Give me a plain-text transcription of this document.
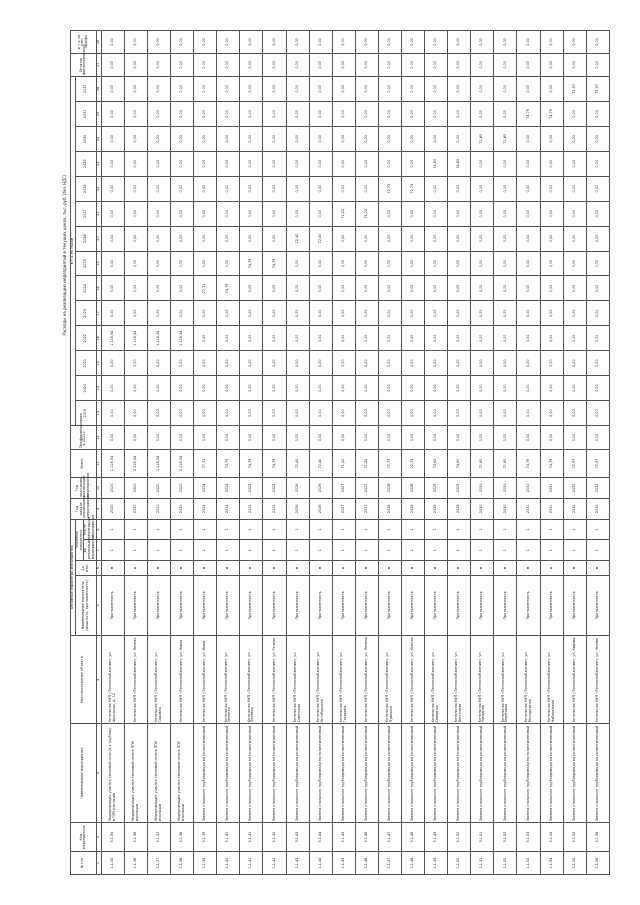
Расходы на реализацию мероприятий в текущих ценах, тыс. руб. (без НДС)
№ п/п	Код мероприятия	Наименование мероприятия	Местоположение объекта	Основные параметры мероприятия				Год начала реализации мероприятия	Год окончания реализации мероприятия	Всего	Профинансировано к 2020 г.	в т.ч. по годам														Остаток финансирования	в т.ч. за счет тарифа
				Наименование показателя (мощность, протяженность)	Ед. изм.	Значения показателя						2019	2020	2021	2022	2023	2024	2025	2026	2027	2028	2029	2030	2031	2032		
						до реализации мероприятия	после реализации мероприятия																				
1	2	3	4	5	6	7	8	9	10	11	12	13	14	15	16	17	18	19	20	21	22	23	24	25	26	27	28
1.1.35	3.1.35	Модернизация участка тепловой сети (4-х трубная) в ППУ изоляции	Котельная МУП «Теплоснабжение», ул. Школьная, д. 12	Протяженность	м	1	1	2020	2020	1 118,34	0,00	0,00	0,00	0,00	1 118,34	0,00	0,00	0,00	0,00	0,00	0,00	0,00	0,00	0,00	0,00	0,00	0,00
1.1.36	3.1.36	Модернизация участка тепловой сети в ППУ изоляции	Котельная МУП «Теплоснабжение», ул. Лесная	Протяженность	м	1	1	2020	2020	1 118,34	0,00	0,00	0,00	0,00	1 118,34	0,00	0,00	0,00	0,00	0,00	0,00	0,00	0,00	0,00	0,00	0,00	0,00
1.1.37	3.1.37	Модернизация участка тепловой сети в ППУ изоляции	Котельная МУП «Теплоснабжение», ул. Садовая	Протяженность	м	1	1	2020	2020	1 118,34	0,00	0,00	0,00	0,00	1 118,34	0,00	0,00	0,00	0,00	0,00	0,00	0,00	0,00	0,00	0,00	0,00	0,00
1.1.38	3.1.38	Модернизация участка тепловой сети в ППУ изоляции	Котельная МУП «Теплоснабжение», ул. Новая	Протяженность	м	1	1	2020	2020	1 118,34	0,00	0,00	0,00	0,00	1 118,34	0,00	0,00	0,00	0,00	0,00	0,00	0,00	0,00	0,00	0,00	0,00	0,00
1.1.39	3.1.39	Замена стального трубопровода на полиэтиленовый	Котельная МУП «Теплоснабжение», ул. Мира	Протяженность	м	1	1	2024	2024	77,71	0,00	0,00	0,00	0,00	0,00	0,00	77,71	0,00	0,00	0,00	0,00	0,00	0,00	0,00	0,00	0,00	0,00
1.1.40	3.1.40	Замена стального трубопровода на полиэтиленовый	Котельная МУП «Теплоснабжение», ул. Зеленая	Протяженность	м	1	1	2024	2024	74,79	0,00	0,00	0,00	0,00	0,00	0,00	74,79	0,00	0,00	0,00	0,00	0,00	0,00	0,00	0,00	0,00	0,00
1.1.41	3.1.41	Замена стального трубопровода на полиэтиленовый	Котельная МУП «Теплоснабжение», ул. Полевая	Протяженность	м	1	1	2025	2025	74,79	0,00	0,00	0,00	0,00	0,00	0,00	0,00	74,79	0,00	0,00	0,00	0,00	0,00	0,00	0,00	0,00	0,00
1.1.42	3.1.42	Замена стального трубопровода на полиэтиленовый	Котельная МУП «Теплоснабжение», ул. Речная	Протяженность	м	1	1	2025	2025	74,79	0,00	0,00	0,00	0,00	0,00	0,00	0,00	74,79	0,00	0,00	0,00	0,00	0,00	0,00	0,00	0,00	0,00
1.1.43	3.1.43	Замена стального трубопровода на полиэтиленовый	Котельная МУП «Теплоснабжение», ул. Советская	Протяженность	м	1	1	2026	2026	72,40	0,00	0,00	0,00	0,00	0,00	0,00	0,00	0,00	72,40	0,00	0,00	0,00	0,00	0,00	0,00	0,00	0,00
1.1.44	3.1.44	Замена стального трубопровода на полиэтиленовый	Котельная МУП «Теплоснабжение», ул. Октябрьская	Протяженность	м	1	1	2026	2026	72,40	0,00	0,00	0,00	0,00	0,00	0,00	0,00	0,00	72,40	0,00	0,00	0,00	0,00	0,00	0,00	0,00	0,00
1.1.45	3.1.45	Замена стального трубопровода на полиэтиленовый	Котельная МУП «Теплоснабжение», ул. Гагарина	Протяженность	м	1	1	2027	2027	71,22	0,00	0,00	0,00	0,00	0,00	0,00	0,00	0,00	0,00	71,22	0,00	0,00	0,00	0,00	0,00	0,00	0,00
1.1.46	3.1.46	Замена стального трубопровода на полиэтиленовый	Котельная МУП «Теплоснабжение», ул. Ленина	Протяженность	м	1	1	2027	2027	71,22	0,00	0,00	0,00	0,00	0,00	0,00	0,00	0,00	0,00	71,22	0,00	0,00	0,00	0,00	0,00	0,00	0,00
1.1.47	3.1.47	Замена стального трубопровода на полиэтиленовый	Котельная МУП «Теплоснабжение», ул. Пушкина	Протяженность	м	1	1	2028	2028	72,73	0,00	0,00	0,00	0,00	0,00	0,00	0,00	0,00	0,00	0,00	72,73	0,00	0,00	0,00	0,00	0,00	0,00
1.1.48	3.1.48	Замена стального трубопровода на полиэтиленовый	Котельная МУП «Теплоснабжение», ул. Южная	Протяженность	м	1	1	2028	2028	72,73	0,00	0,00	0,00	0,00	0,00	0,00	0,00	0,00	0,00	0,00	72,73	0,00	0,00	0,00	0,00	0,00	0,00
1.1.49	3.1.49	Замена стального трубопровода на полиэтиленовый	Котельная МУП «Теплоснабжение», ул. Северная	Протяженность	м	1	1	2029	2029	74,60	0,00	0,00	0,00	0,00	0,00	0,00	0,00	0,00	0,00	0,00	0,00	74,60	0,00	0,00	0,00	0,00	0,00
1.1.50	3.1.50	Замена стального трубопровода на полиэтиленовый	Котельная МУП «Теплоснабжение», ул. Восточная	Протяженность	м	1	1	2029	2029	74,60	0,00	0,00	0,00	0,00	0,00	0,00	0,00	0,00	0,00	0,00	0,00	74,60	0,00	0,00	0,00	0,00	0,00
1.1.51	3.1.51	Замена стального трубопровода на полиэтиленовый	Котельная МУП «Теплоснабжение», ул. Западная	Протяженность	м	1	1	2030	2030	71,80	0,00	0,00	0,00	0,00	0,00	0,00	0,00	0,00	0,00	0,00	0,00	0,00	71,80	0,00	0,00	0,00	0,00
1.1.52	3.1.52	Замена стального трубопровода на полиэтиленовый	Котельная МУП «Теплоснабжение», ул. Береговая	Протяженность	м	1	1	2030	2030	71,80	0,00	0,00	0,00	0,00	0,00	0,00	0,00	0,00	0,00	0,00	0,00	0,00	71,80	0,00	0,00	0,00	0,00
1.1.53	3.1.53	Замена стального трубопровода на полиэтиленовый	Котельная МУП «Теплоснабжение», ул. Молодежная	Протяженность	м	1	1	2031	2031	74,79	0,00	0,00	0,00	0,00	0,00	0,00	0,00	0,00	0,00	0,00	0,00	0,00	0,00	74,79	0,00	0,00	0,00
1.1.54	3.1.54	Замена стального трубопровода на полиэтиленовый	Котельная МУП «Теплоснабжение», ул. Набережная	Протяженность	м	1	1	2031	2031	74,79	0,00	0,00	0,00	0,00	0,00	0,00	0,00	0,00	0,00	0,00	0,00	0,00	0,00	74,79	0,00	0,00	0,00
1.1.55	3.1.55	Замена стального трубопровода на полиэтиленовый	Котельная МУП «Теплоснабжение», ул. Кирова	Протяженность	м	1	1	2032	2032	72,97	0,00	0,00	0,00	0,00	0,00	0,00	0,00	0,00	0,00	0,00	0,00	0,00	0,00	0,00	72,97	0,00	0,00
1.1.56	3.1.56	Замена стального трубопровода на полиэтиленовый	Котельная МУП «Теплоснабжение», ул. Чехова	Протяженность	м	1	1	2032	2032	72,97	0,00	0,00	0,00	0,00	0,00	0,00	0,00	0,00	0,00	0,00	0,00	0,00	0,00	0,00	72,97	0,00	0,00
